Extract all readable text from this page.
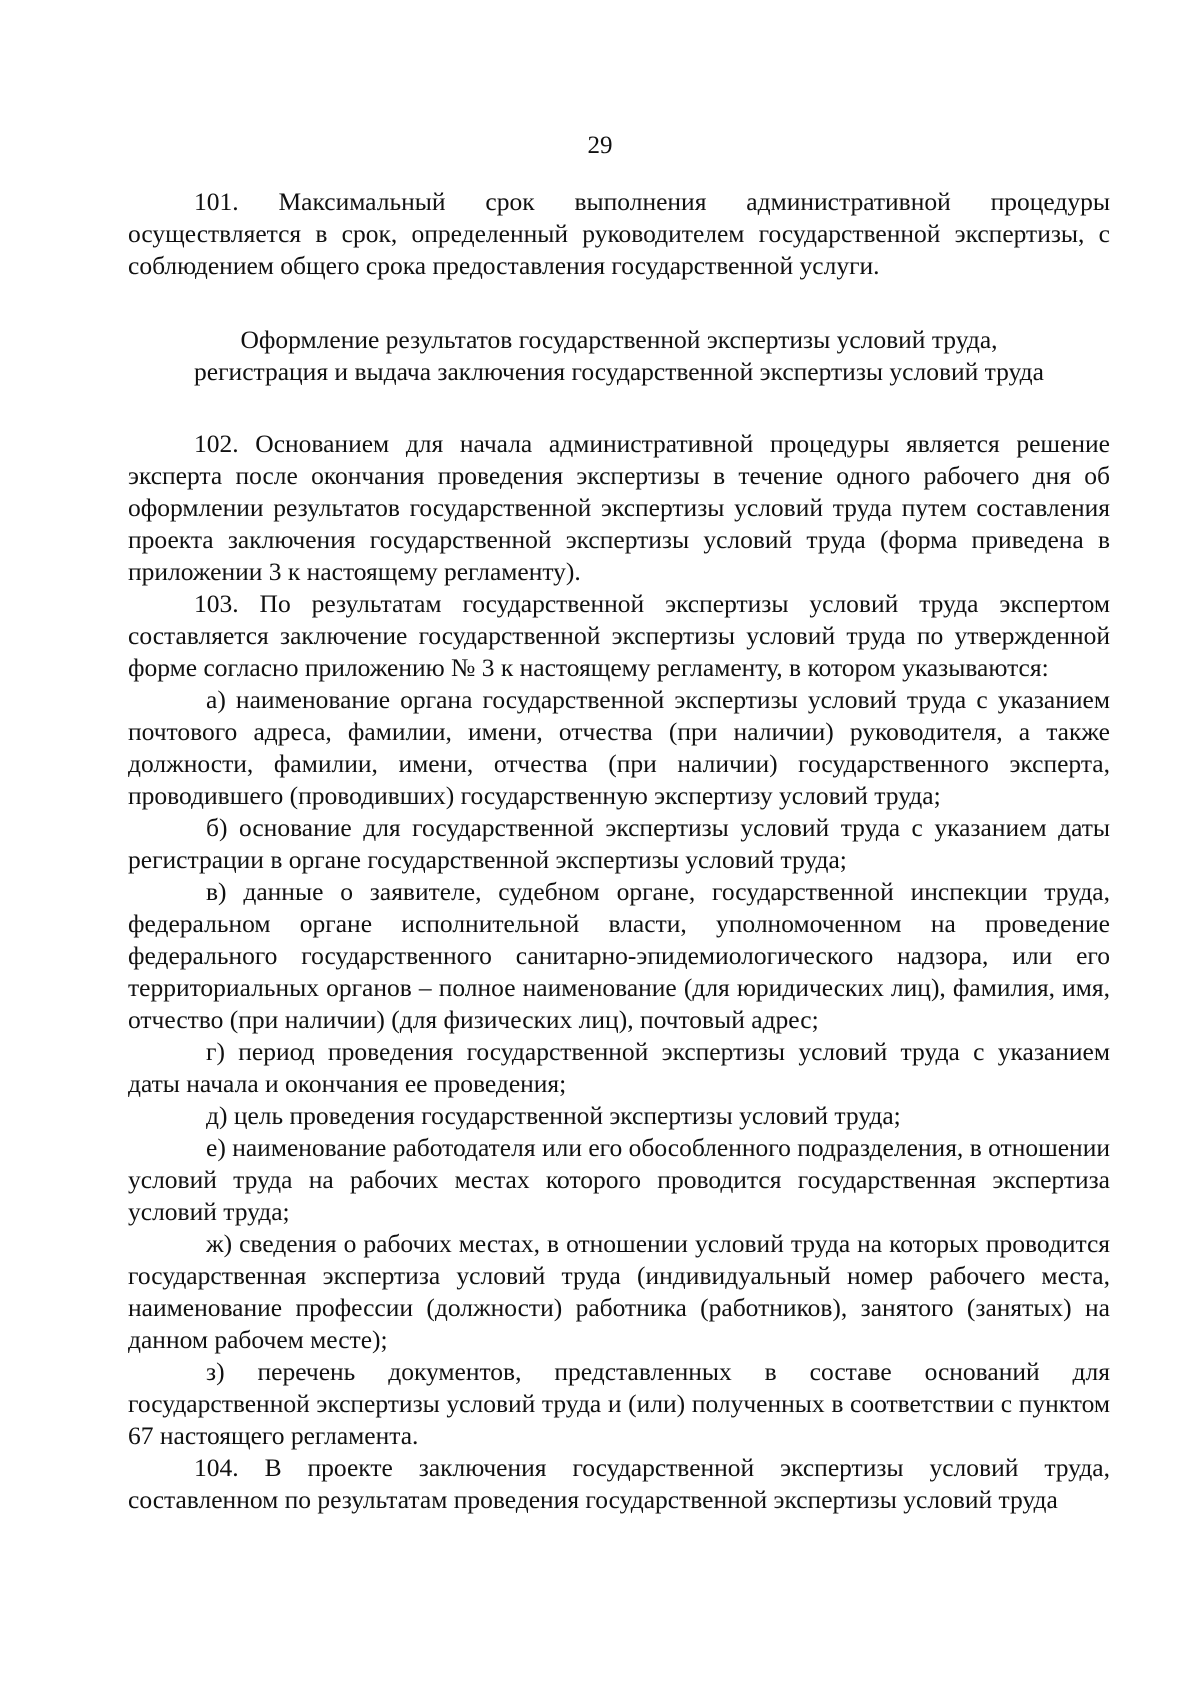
29

101. Максимальный срок выполнения административной процедуры осуществляется в срок, определенный руководителем государственной экспертизы, с соблюдением общего срока предоставления государственной услуги.

Оформление результатов государственной экспертизы условий труда,
регистрация и выдача заключения государственной экспертизы условий труда

102. Основанием для начала административной процедуры является решение эксперта после окончания проведения экспертизы в течение одного рабочего дня об оформлении результатов государственной экспертизы условий труда путем составления проекта заключения государственной экспертизы условий труда (форма приведена в приложении 3 к настоящему регламенту).

103. По результатам государственной экспертизы условий труда экспертом составляется заключение государственной экспертизы условий труда по утвержденной форме согласно приложению № 3 к настоящему регламенту, в котором указываются:

а) наименование органа государственной экспертизы условий труда с указанием почтового адреса, фамилии, имени, отчества (при наличии) руководителя, а также должности, фамилии, имени, отчества (при наличии) государственного эксперта, проводившего (проводивших) государственную экспертизу условий труда;

б) основание для государственной экспертизы условий труда с указанием даты регистрации в органе государственной экспертизы условий труда;

в) данные о заявителе, судебном органе, государственной инспекции труда, федеральном органе исполнительной власти, уполномоченном на проведение федерального государственного санитарно-эпидемиологического надзора, или его территориальных органов – полное наименование (для юридических лиц), фамилия, имя, отчество (при наличии) (для физических лиц), почтовый адрес;

г) период проведения государственной экспертизы условий труда с указанием даты начала и окончания ее проведения;

д) цель проведения государственной экспертизы условий труда;

е) наименование работодателя или его обособленного подразделения, в отношении условий труда на рабочих местах которого проводится государственная экспертиза условий труда;

ж) сведения о рабочих местах, в отношении условий труда на которых проводится государственная экспертиза условий труда (индивидуальный номер рабочего места, наименование профессии (должности) работника (работников), занятого (занятых) на данном рабочем месте);

з) перечень документов, представленных в составе оснований для государственной экспертизы условий труда и (или) полученных в соответствии с пунктом 67 настоящего регламента.

104. В проекте заключения государственной экспертизы условий труда, составленном по результатам проведения государственной экспертизы условий труда
